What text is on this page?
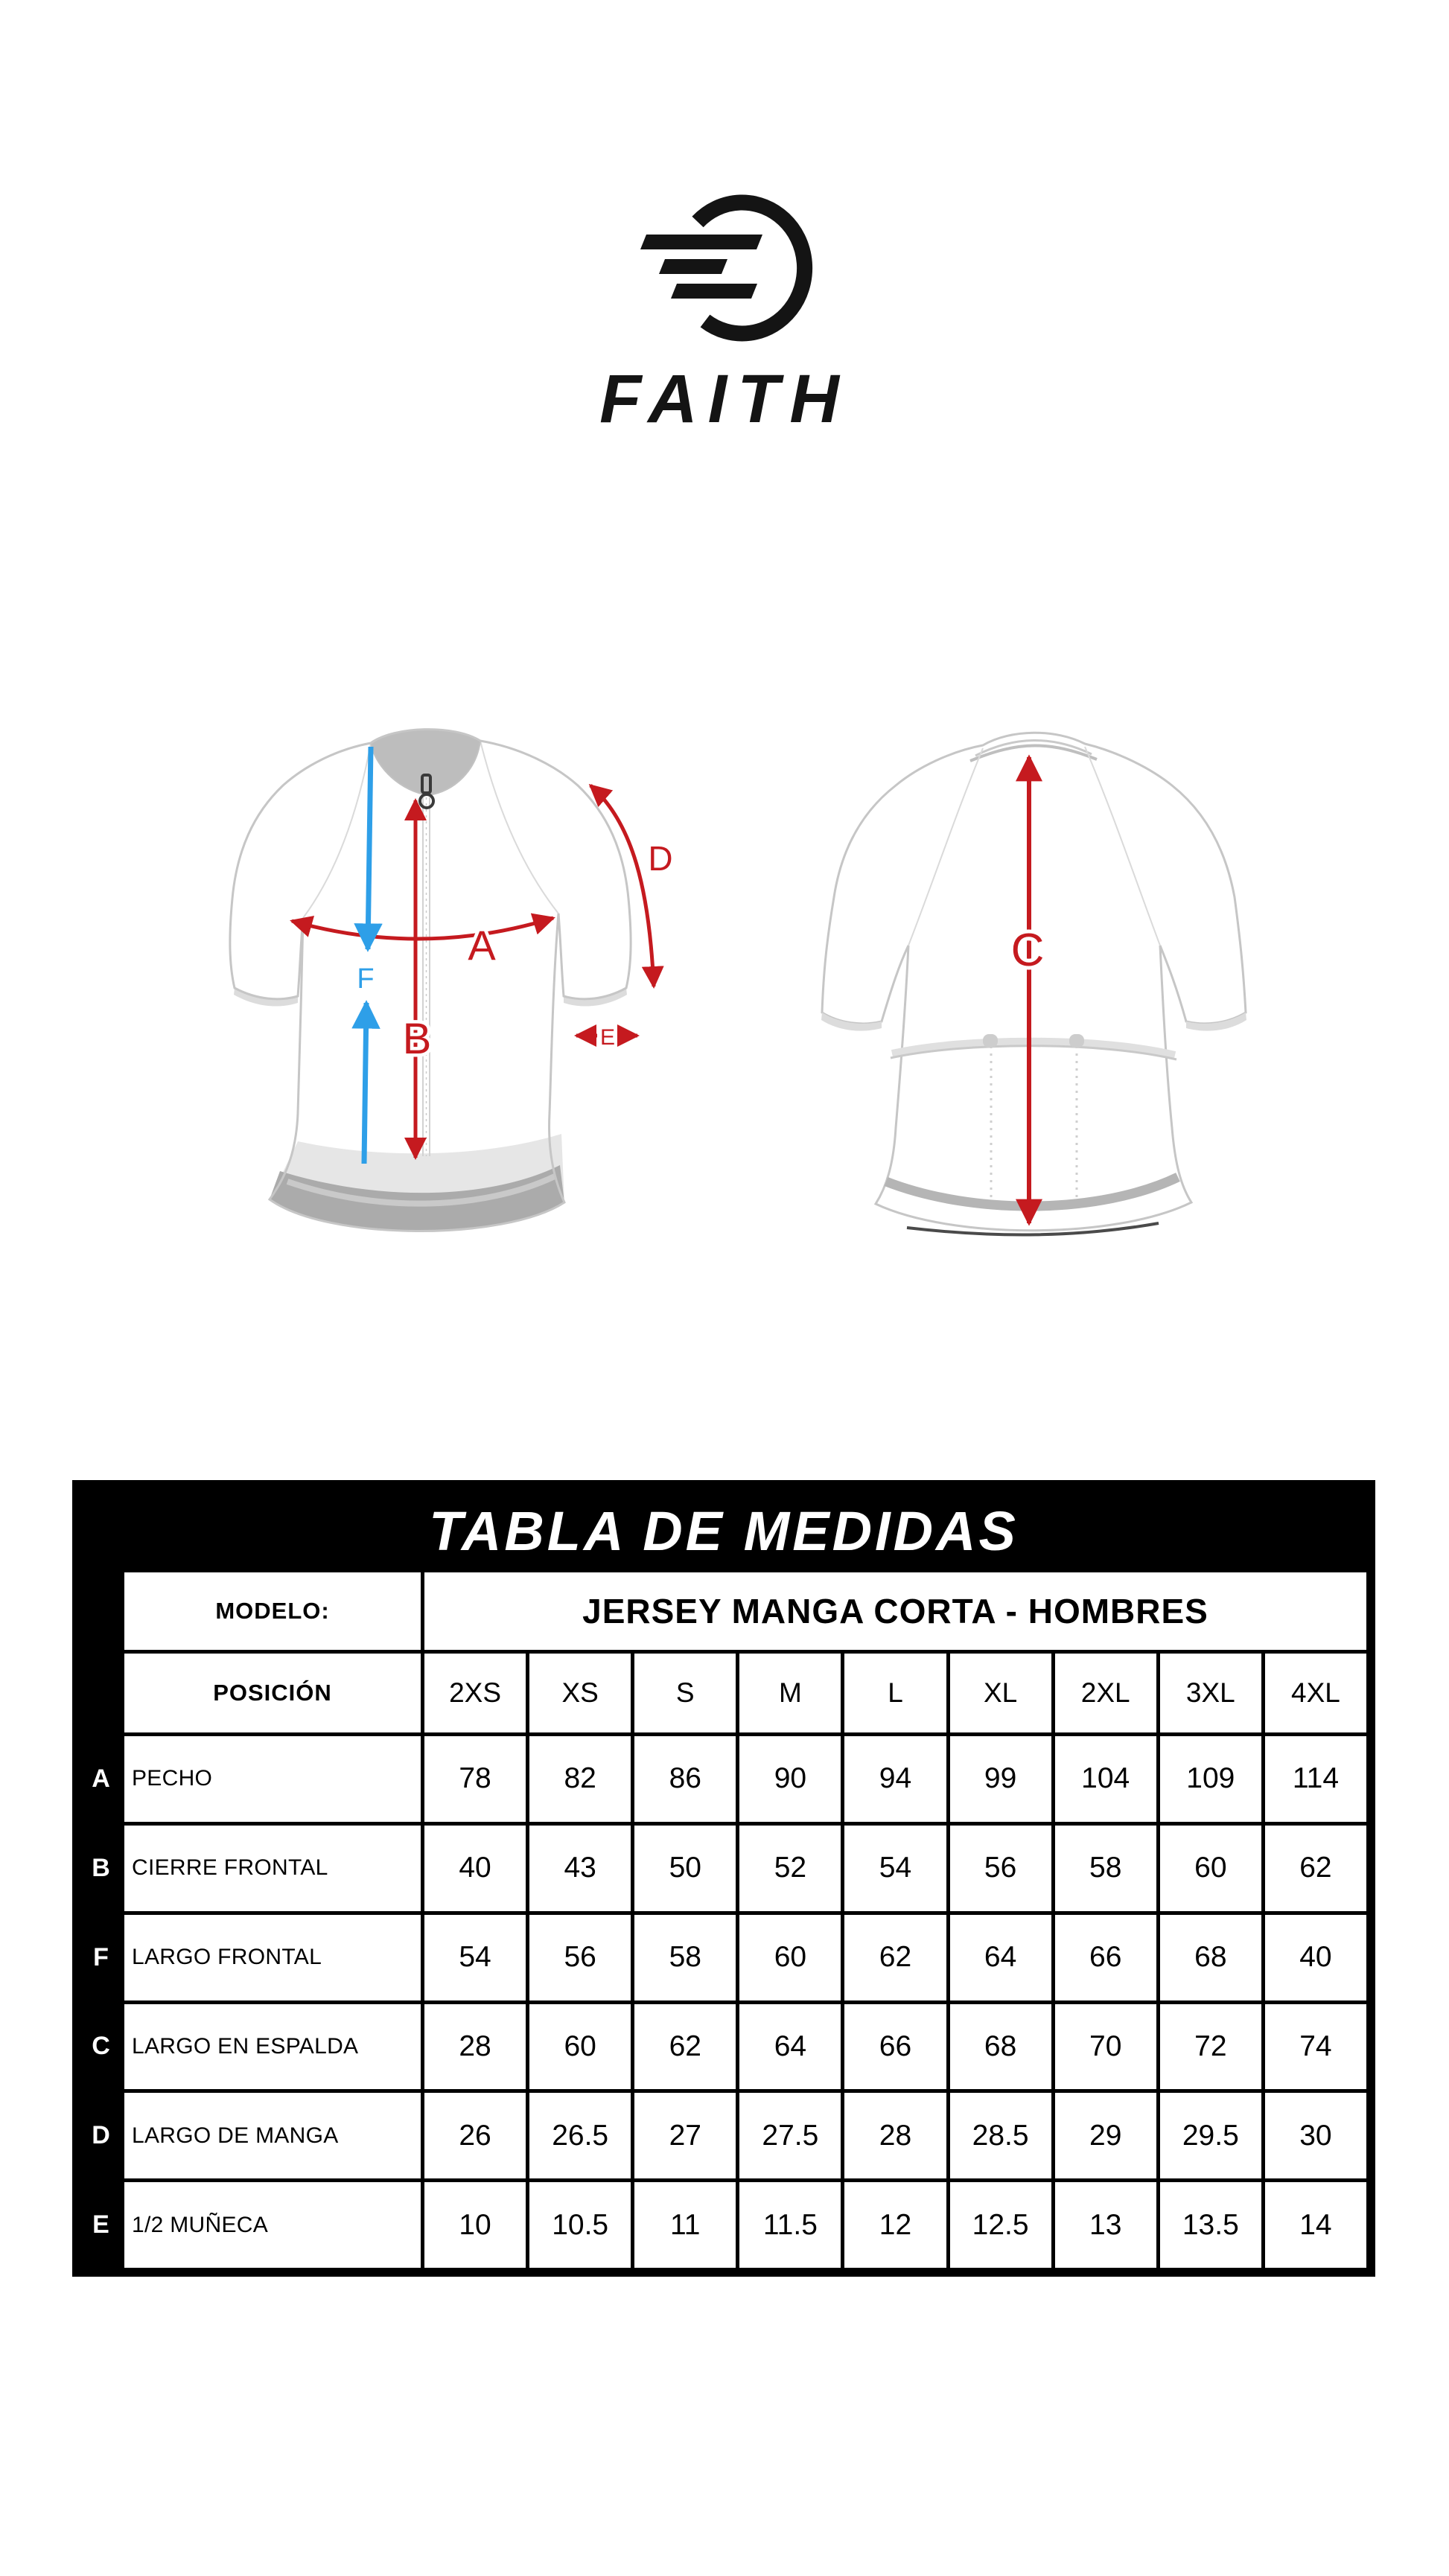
FAITH
B
A
F
D
E
C
TABLA DE MEDIDAS
MODELO:	JERSEY MANGA CORTA - HOMBRES
POSICIÓN	2XS	XS	S	M	L	XL	2XL	3XL	4XL
A PECHO	78	82	86	90	94	99	104	109	114
B CIERRE FRONTAL	40	43	50	52	54	56	58	60	62
F	LARGO FRONTAL	54	56	58	60	62	64	66	68	40
C LARGO EN ESPALDA	28	60	62	64	66	68	70	72	74
D LARGO DE MANGA	26	26.5	27	27.5	28	28.5	29	29.5	30
E	1/2 MUÑECA	10	10.5	11	11.5	12	12.5	13	13.5	14
